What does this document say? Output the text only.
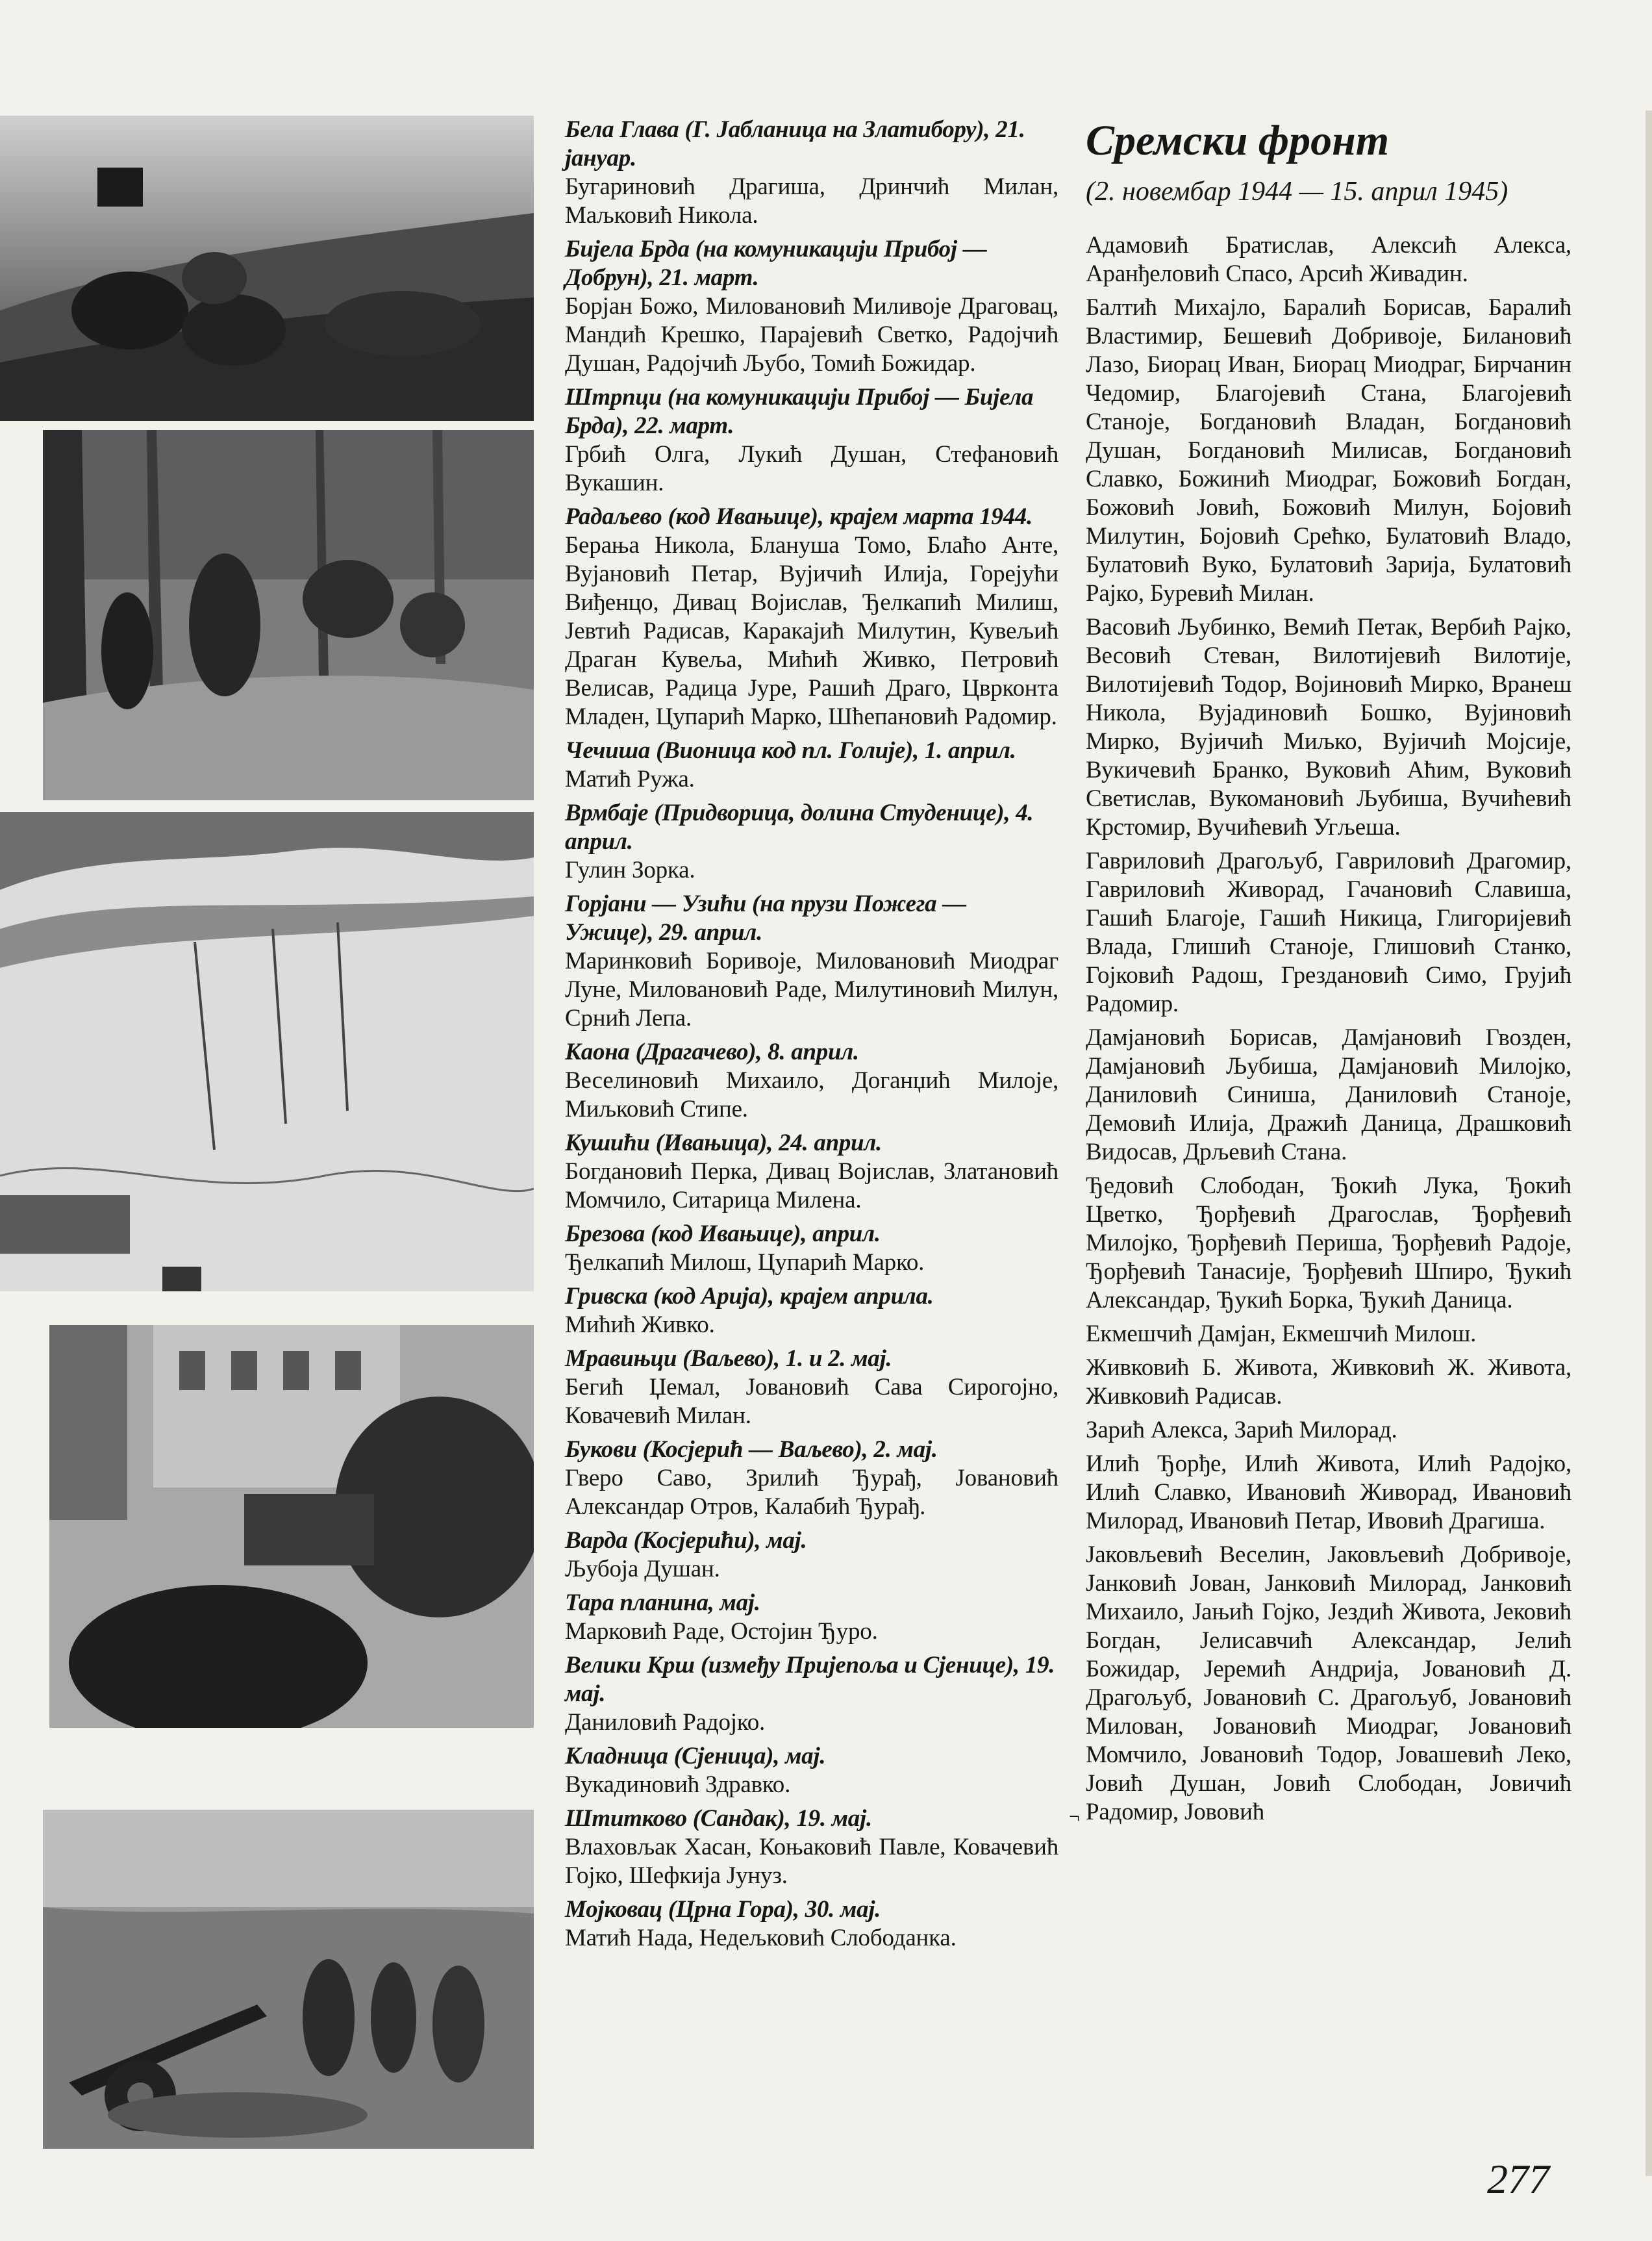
Бела Глава (Г. Јабланица на Златибору), 21. јануар.

Бугариновић Драгиша, Дринчић Милан, Маљковић Никола.

Бијела Брда (на комуникацији Прибој — Добрун), 21. март.

Борјан Божо, Миловановић Миливоје Драговац, Мандић Крешко, Парајевић Светко, Радојчић Душан, Радојчић Љубо, Томић Божидар.

Штрпци (на комуникацији Прибој — Бијела Брда), 22. март.

Грбић Олга, Лукић Душан, Стефановић Вукашин.

Радаљево (код Ивањице), крајем марта 1944.

Берања Никола, Блануша Томо, Блаћо Анте, Вујановић Петар, Вујичић Илија, Горејући Виђенцо, Дивац Војислав, Ђелкапић Милиш, Јевтић Радисав, Каракајић Милутин, Кувељић Драган Кувеља, Мићић Живко, Петровић Велисав, Радица Јуре, Рашић Драго, Цврконта Младен, Цупарић Марко, Шћепановић Радомир.

Чечиша (Вионица код пл. Голије), 1. април.

Матић Ружа.

Врмбаје (Придворица, долина Студенице), 4. април.

Гулин Зорка.

Горјани — Узићи (на прузи Пожега — Ужице), 29. април.

Маринковић Боривоје, Миловановић Миодраг Луне, Миловановић Раде, Милутиновић Милун, Срнић Лепа.

Каона (Драгачево), 8. април.

Веселиновић Михаило, Доганџић Милоје, Миљковић Стипе.

Кушићи (Ивањица), 24. април.

Богдановић Перка, Дивац Војислав, Златановић Момчило, Ситарица Милена.

Брезова (код Ивањице), април.

Ђелкапић Милош, Цупарић Марко.

Гривска (код Арија), крајем априла.

Мићић Живко.

Мравињци (Ваљево), 1. и 2. мај.

Бегић Џемал, Јовановић Сава Сирогојно, Ковачевић Милан.

Букови (Косјерић — Ваљево), 2. мај.

Гверо Саво, Зрилић Ђурађ, Јовановић Александар Отров, Калабић Ђурађ.

Варда (Косјерићи), мај.

Љубоја Душан.

Тара планина, мај.

Марковић Раде, Остојин Ђуро.

Велики Крш (између Пријепоља и Сјенице), 19. мај.

Даниловић Радојко.

Кладница (Сјеница), мај.

Вукадиновић Здравко.

Штитково (Сандак), 19. мај.

Влаховљак Хасан, Коњаковић Павле, Ковачевић Гојко, Шефкија Јунуз.

Мојковац (Црна Гора), 30. мај.

Матић Нада, Недељковић Слободанка.

Сремски фронт

(2. новембар 1944 — 15. април 1945)

Адамовић Братислав, Алексић Алекса, Аранђеловић Спасо, Арсић Живадин.

Балтић Михајло, Баралић Борисав, Баралић Властимир, Бешевић Добривоје, Билановић Лазо, Биорац Иван, Биорац Миодраг, Бирчанин Чедомир, Благојевић Стана, Благојевић Станоје, Богдановић Владан, Богдановић Душан, Богдановић Милисав, Богдановић Славко, Божинић Миодраг, Божовић Богдан, Божовић Јовић, Божовић Милун, Бојовић Милутин, Бојовић Срећко, Булатовић Владо, Булатовић Вуко, Булатовић Зарија, Булатовић Рајко, Буревић Милан.

Васовић Љубинко, Вемић Петак, Вербић Рајко, Весовић Стеван, Вилотијевић Вилотије, Вилотијевић Тодор, Војиновић Мирко, Вранеш Никола, Вујадиновић Бошко, Вујиновић Мирко, Вујичић Миљко, Вујичић Мојсије, Вукичевић Бранко, Вуковић Аћим, Вуковић Светислав, Вукомановић Љубиша, Вучићевић Крстомир, Вучићевић Угљеша.

Гавриловић Драгољуб, Гавриловић Драгомир, Гавриловић Живорад, Гачановић Славиша, Гашић Благоје, Гашић Никица, Глигоријевић Влада, Глишић Станоје, Глишовић Станко, Гојковић Радош, Грездановић Симо, Грујић Радомир.

Дамјановић Борисав, Дамјановић Гвозден, Дамјановић Љубиша, Дамјановић Милојко, Даниловић Синиша, Даниловић Станоје, Демовић Илија, Дражић Даница, Драшковић Видосав, Дрљевић Стана.

Ђедовић Слободан, Ђокић Лука, Ђокић Цветко, Ђорђевић Драгослав, Ђорђевић Милојко, Ђорђевић Периша, Ђорђевић Радоје, Ђорђевић Танасије, Ђорђевић Шпиро, Ђукић Александар, Ђукић Борка, Ђукић Даница.

Екмешчић Дамјан, Екмешчић Милош.

Живковић Б. Живота, Живковић Ж. Живота, Живковић Радисав.

Зарић Алекса, Зарић Милорад.

Илић Ђорђе, Илић Живота, Илић Радојко, Илић Славко, Ивановић Живорад, Ивановић Милорад, Ивановић Петар, Ивовић Драгиша.

Јаковљевић Веселин, Јаковљевић Добривоје, Јанковић Јован, Јанковић Милорад, Јанковић Михаило, Јањић Гојко, Јездић Живота, Јековић Богдан, Јелисавчић Александар, Јелић Божидар, Јеремић Андрија, Јовановић Д. Драгољуб, Јовановић С. Драгољуб, Јовановић Милован, Јовановић Миодраг, Јовановић Момчило, Јовановић Тодор, Јовашевић Леко, Јовић Душан, Јовић Слободан, Јовичић Радомир, Јововић

¬
277
